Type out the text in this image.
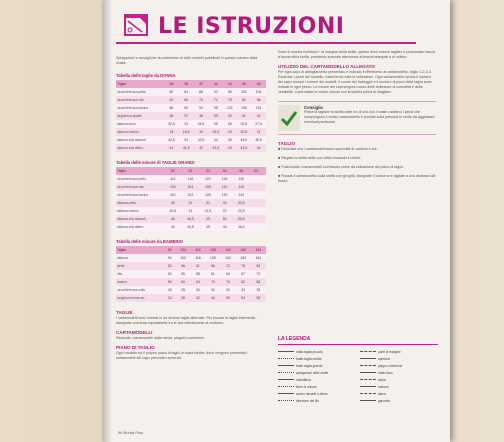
LE ISTRUZIONI
Spiegazioni e consigli per la confezione di tutti i modelli pubblicati in questo numero della rivista.
Tabella delle taglie da DONNA
Taglia	36	38	40	42	44	46	48
circonferenza petto	80	84	88	92	96	100	104
circonferenza vita	62	66	70	74	78	82	86
circonferenza bacino	86	90	94	98	102	106	110
larghezza spalle	36	37	38	39	40	41	42
altezza seno	22,5	24	24,5	25	26	26,5	27,5
altezza bacino	18	18,5	19	19,5	20	20,5	21
altezza vita davanti	42,5	43	43,5	44	45	45,5	46,5
altezza vita dietro	41	41,5	42	42,5	43	43,5	44
Tabella delle misure di TAGLIE GRANDI
Taglia	50	52	54	56	58	60	
circonferenza petto	114	116	122	126	130		
circonferenza vita	100	104	108	112	116		
circonferenza bacino	110	122	126	130	134		
altezza petto	30	31	32	33	33,5		
altezza bacino	20,5	21	21,5	22	22,5		
altezza vita davanti	46	46,5	49	50	50,5		
altezza vita dietro	44	44,5	45	46	46,5		
Tabella delle misure da BAMBINO
Taglia	92	104	116	128	140	152	164
altezza	94	102	116	128	140	152	164
petto	52	56	61	66	72	78	84
vita	52	55	58	61	64	67	70
bacino	56	60	64	70	76	82	88
circonferenza collo	26	28	30	32	33	34	35
lunghezza braccio	34	38	42	46	50	54	58
TAGLIE
I cartamodelli sono indicati in tre diverse taglie alternate. Per trovare le taglie intermedie, disegnate una linea equidistante tra le due lateralmente al contorno.
CARTAMODELLI
Ricalcate i cartamodelli dalla rivista, piegati a colonnine.
PIANO DI TAGLIO
Ogni modello ha il proprio piano di taglio in scala ridotta, dove vengono presentati i cartamodelli del capo prescelto numerati.
Dove si mostra il simbolo * al margine della stoffa, questo deve essere tagliato e posizionato faccia a faccia della stoffa, prestando speciale attenzione ai tessuti stampati e di velluto.
UTILIZZO DEL CARTAMODELLO ALLEGATO
Per ogni capo di abbigliamento presentato è indicato il riferimento al cartamodello, foglio 1-2-3-4. Ricalcate i pezzi del modello, trasferendo tutte le indicazioni. Ogni cartamodello riporta il numero del capo nonché i numeri dei modelli. Il colore del tratteggio e il numero di pezzi della taglia sono indicati in ogni pezzo. Le misure dei capi tengono conto delle tolleranze di comodità e della vestibilità. Confrontate le vostre misure con la tabella prima di ritagliare.
Consiglio
Prima di tagliare la stoffa unite tra di loro con il nastro adesivo i pezzi che compongono il vostro cartamodello e provate sulla persona in modo da aggiustare eventuali particolari.
TAGLIO
■ Ricordate che i cartamodelli sono sprovvisti di cuciture e orli.
■ Piegate la stoffa dritto con dritto trovando il centro.
■ Posizionate i cartamodelli sul tessuto come da indicazione del piano di taglio.
■ Fissate il cartamodello sulla stoffa con gli spilli, disegnate il contorno e tagliate a una distanza dal bordo.
LA LEGENDA
tratto taglia piccola	punti di margine
tratto taglia media	apertura
tratto taglia grande	piega o direzione
spiegazioni delle stoffe	tratto fisso
imbottitura	asola
linee di unione	bottone
centro davanti o dietro	tasca
direzione del filo	gancetto
56 Burda Plus
